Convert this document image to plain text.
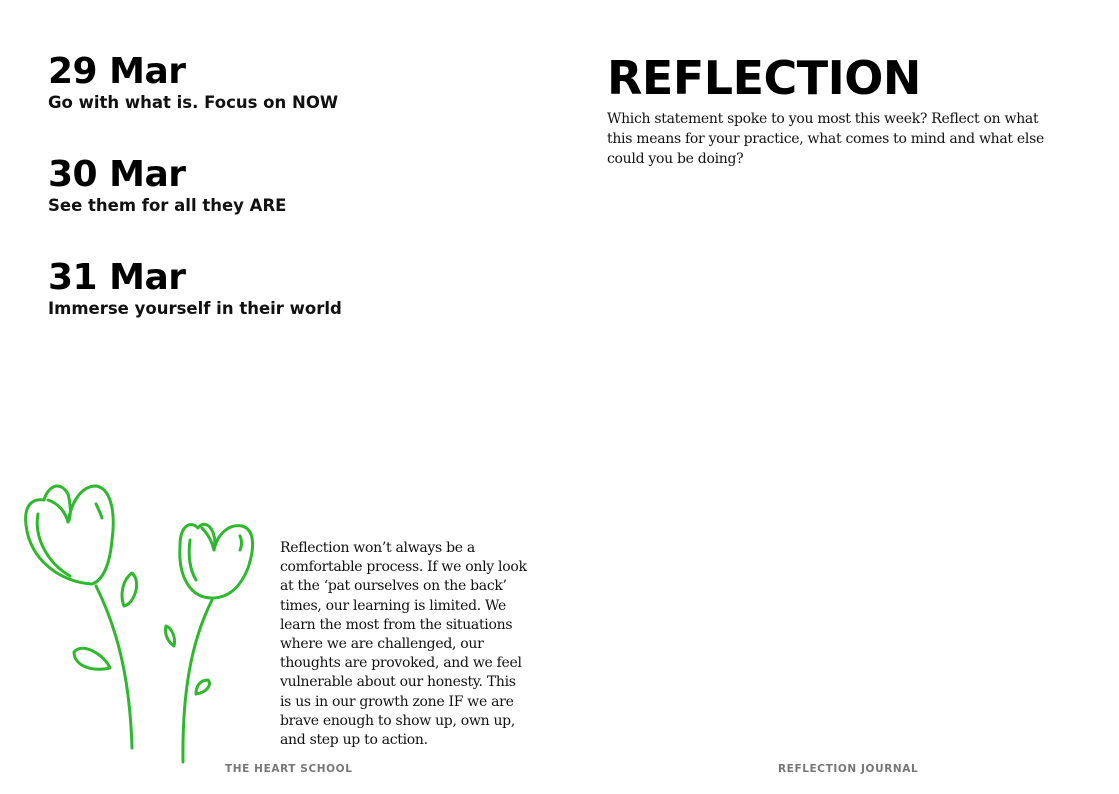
29 Mar
Go with what is. Focus on NOW
30 Mar
See them for all they ARE
31 Mar
Immerse yourself in their world
REFLECTION
Which statement spoke to you most this week? Reflect on what this means for your practice, what comes to mind and what else could you be doing?

Reflection won’t always be a

comfortable process. If we only look

at the ‘pat ourselves on the back’

times, our learning is limited. We

learn the most from the situations

where we are challenged, our

thoughts are provoked, and we feel

vulnerable about our honesty. This

is us in our growth zone IF we are

brave enough to show up, own up,

and step up to action.

THE HEART SCHOOL	REFLECTION JOURNAL
